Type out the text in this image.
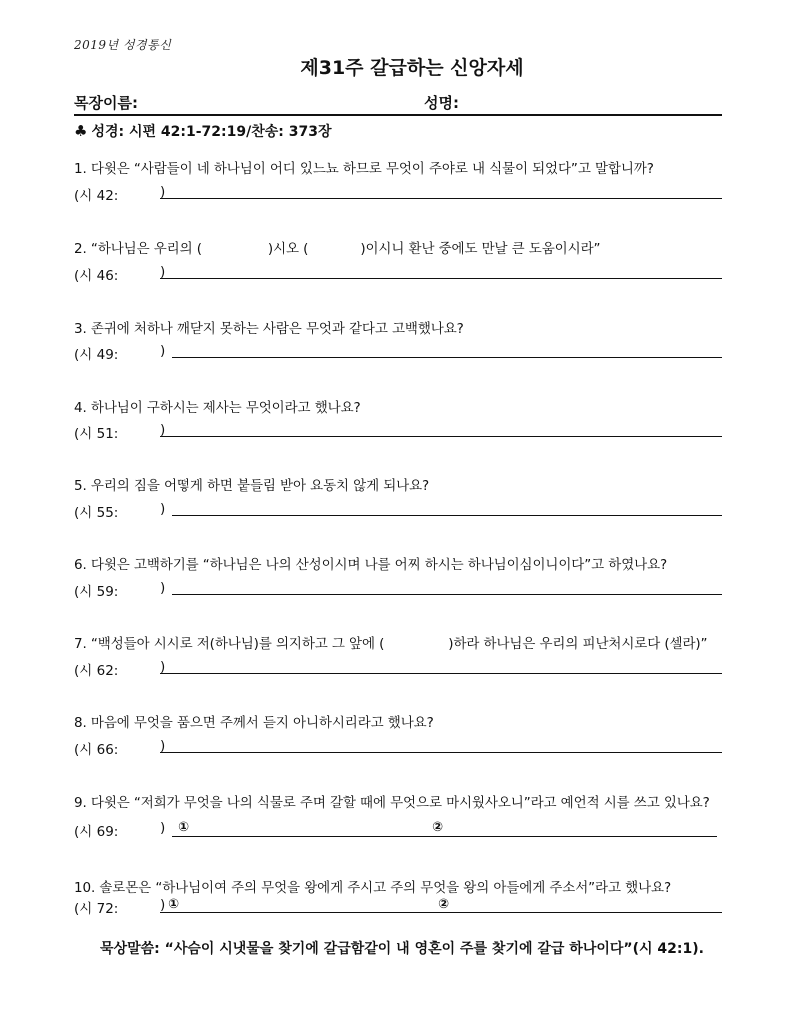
2019년 성경통신
제31주 갈급하는 신앙자세
목장이름:	성명:
♣ 성경: 시편 42:1-72:19/찬송: 373장
1. 다윗은 “사람들이 네 하나님이 어디 있느뇨 하므로 무엇이 주야로 내 식물이 되었다”고 말합니까?
(시 42:	)
2. “하나님은 우리의 (	)시오 (	)이시니 환난 중에도 만날 큰 도움이시라”
(시 46:	)
3. 존귀에 처하나 깨닫지 못하는 사람은 무엇과 같다고 고백했나요?
(시 49:	)
4. 하나님이 구하시는 제사는 무엇이라고 했나요?
(시 51:	)
5. 우리의 짐을 어떻게 하면 붙들림 받아 요동치 않게 되나요?
(시 55:	)
6. 다윗은 고백하기를 “하나님은 나의 산성이시며 나를 어찌 하시는 하나님이심이니이다”고 하였나요?
(시 59:	)
7. “백성들아 시시로 저(하나님)를 의지하고 그 앞에 (	)하라 하나님은 우리의 피난처시로다 (셀라)”
(시 62:	)
8. 마음에 무엇을 품으면 주께서 듣지 아니하시리라고 했나요?
(시 66:	)
9. 다윗은 “저희가 무엇을 나의 식물로 주며 갈할 때에 무엇으로 마시웠사오니”라고 예언적 시를 쓰고 있나요?
(시 69:	) ①	②
10. 솔로몬은 “하나님이여 주의 무엇을 왕에게 주시고 주의 무엇을 왕의 아들에게 주소서”라고 했나요?
(시 72:	) ①	②
묵상말씀: “사슴이 시냇물을 찾기에 갈급함같이 내 영혼이 주를 찾기에 갈급 하나이다”(시 42:1).
